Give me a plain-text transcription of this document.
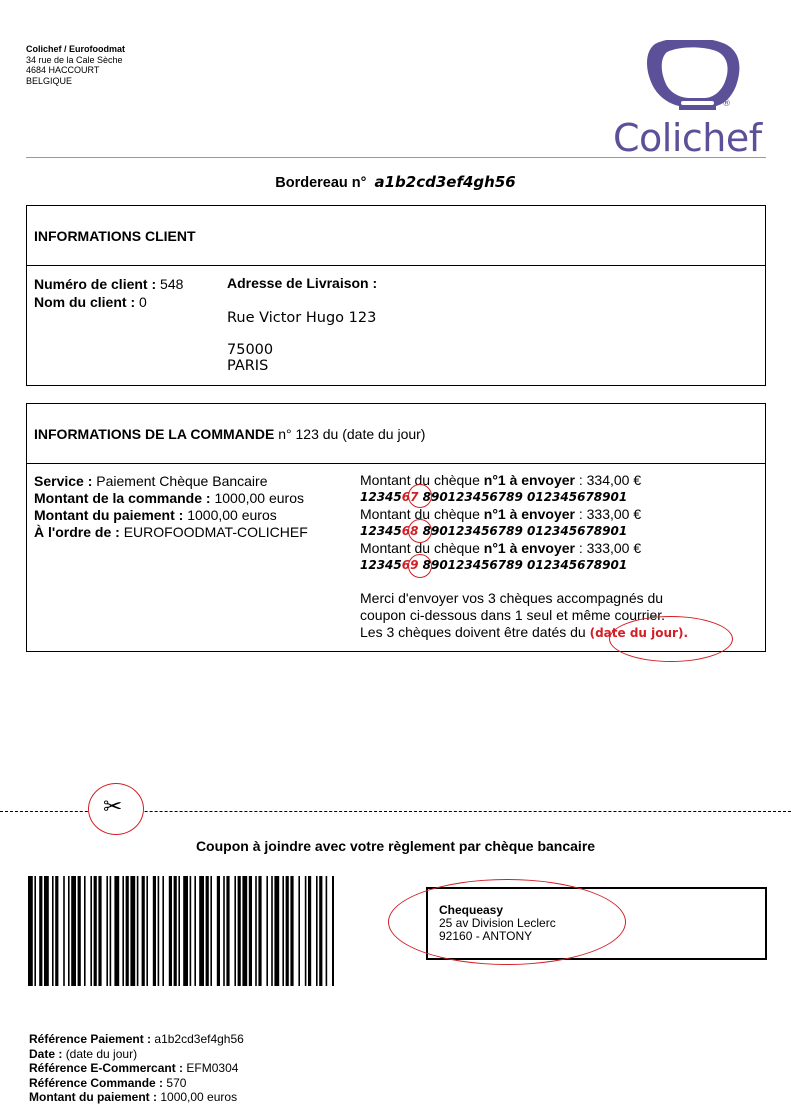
Colichef / Eurofoodmat
34 rue de la Cale Sèche
4684 HACCOURT
BELGIQUE
®
Colichef
Bordereau n° a1b2cd3ef4gh56
INFORMATIONS CLIENT
Numéro de client : 548
Nom du client : 0
Adresse de Livraison :
Rue Victor Hugo 123
75000
PARIS
INFORMATIONS DE LA COMMANDE n° 123 du (date du jour)
Service : Paiement Chèque Bancaire
Montant de la commande : 1000,00 euros
Montant du paiement : 1000,00 euros
À l'ordre de : EUROFOODMAT-COLICHEF
Montant du chèque n°1 à envoyer : 334,00 €
1234567 890123456789 012345678901
Montant du chèque n°1 à envoyer : 333,00 €
1234568 890123456789 012345678901
Montant du chèque n°1 à envoyer : 333,00 €
1234569 890123456789 012345678901
Merci d'envoyer vos 3 chèques accompagnés du
coupon ci-dessous dans 1 seul et même courrier.
Les 3 chèques doivent être datés du (date du jour).
✂
Coupon à joindre avec votre règlement par chèque bancaire
Chequeasy
25 av Division Leclerc
92160 - ANTONY
Référence Paiement : a1b2cd3ef4gh56
Date : (date du jour)
Référence E-Commercant : EFM0304
Référence Commande : 570
Montant du paiement : 1000,00 euros
